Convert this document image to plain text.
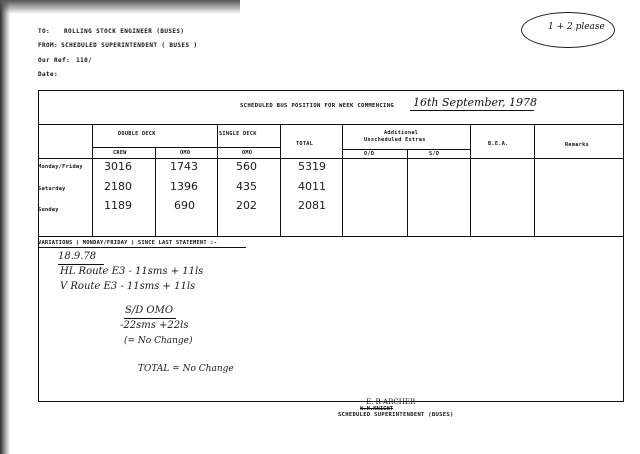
TO: ROLLING STOCK ENGINEER (BUSES)

FROM: SCHEDULED SUPERINTENDENT ( BUSES )

Our Ref: 110/

Date:

1 + 2 please
SCHEDULED BUS POSITION FOR WEEK COMMENCING 16th September, 1978
DOUBLE DECK
CREW	OMO
SINGLE DECK
OMO
TOTAL
Additional
Unscheduled Extras
O/D	S/D
B.E.A.	Remarks
Monday/Friday 3016	1743	560	5319
Saturday	2180	1396	435	4011
Sunday	1189	690	202	2081
VARIATIONS ( MONDAY/FRIDAY ) SINCE LAST STATEMENT :-
18.9.78
HL Route E3 - 11sms + 11ls
V Route E3 - 11sms + 11ls
S/D OMO
-22sms +22ls
(= No Change)
TOTAL = No Change
E. R ARCHER
W.H.KNIGHT
SCHEDULED SUPERINTENDENT (BUSES)
